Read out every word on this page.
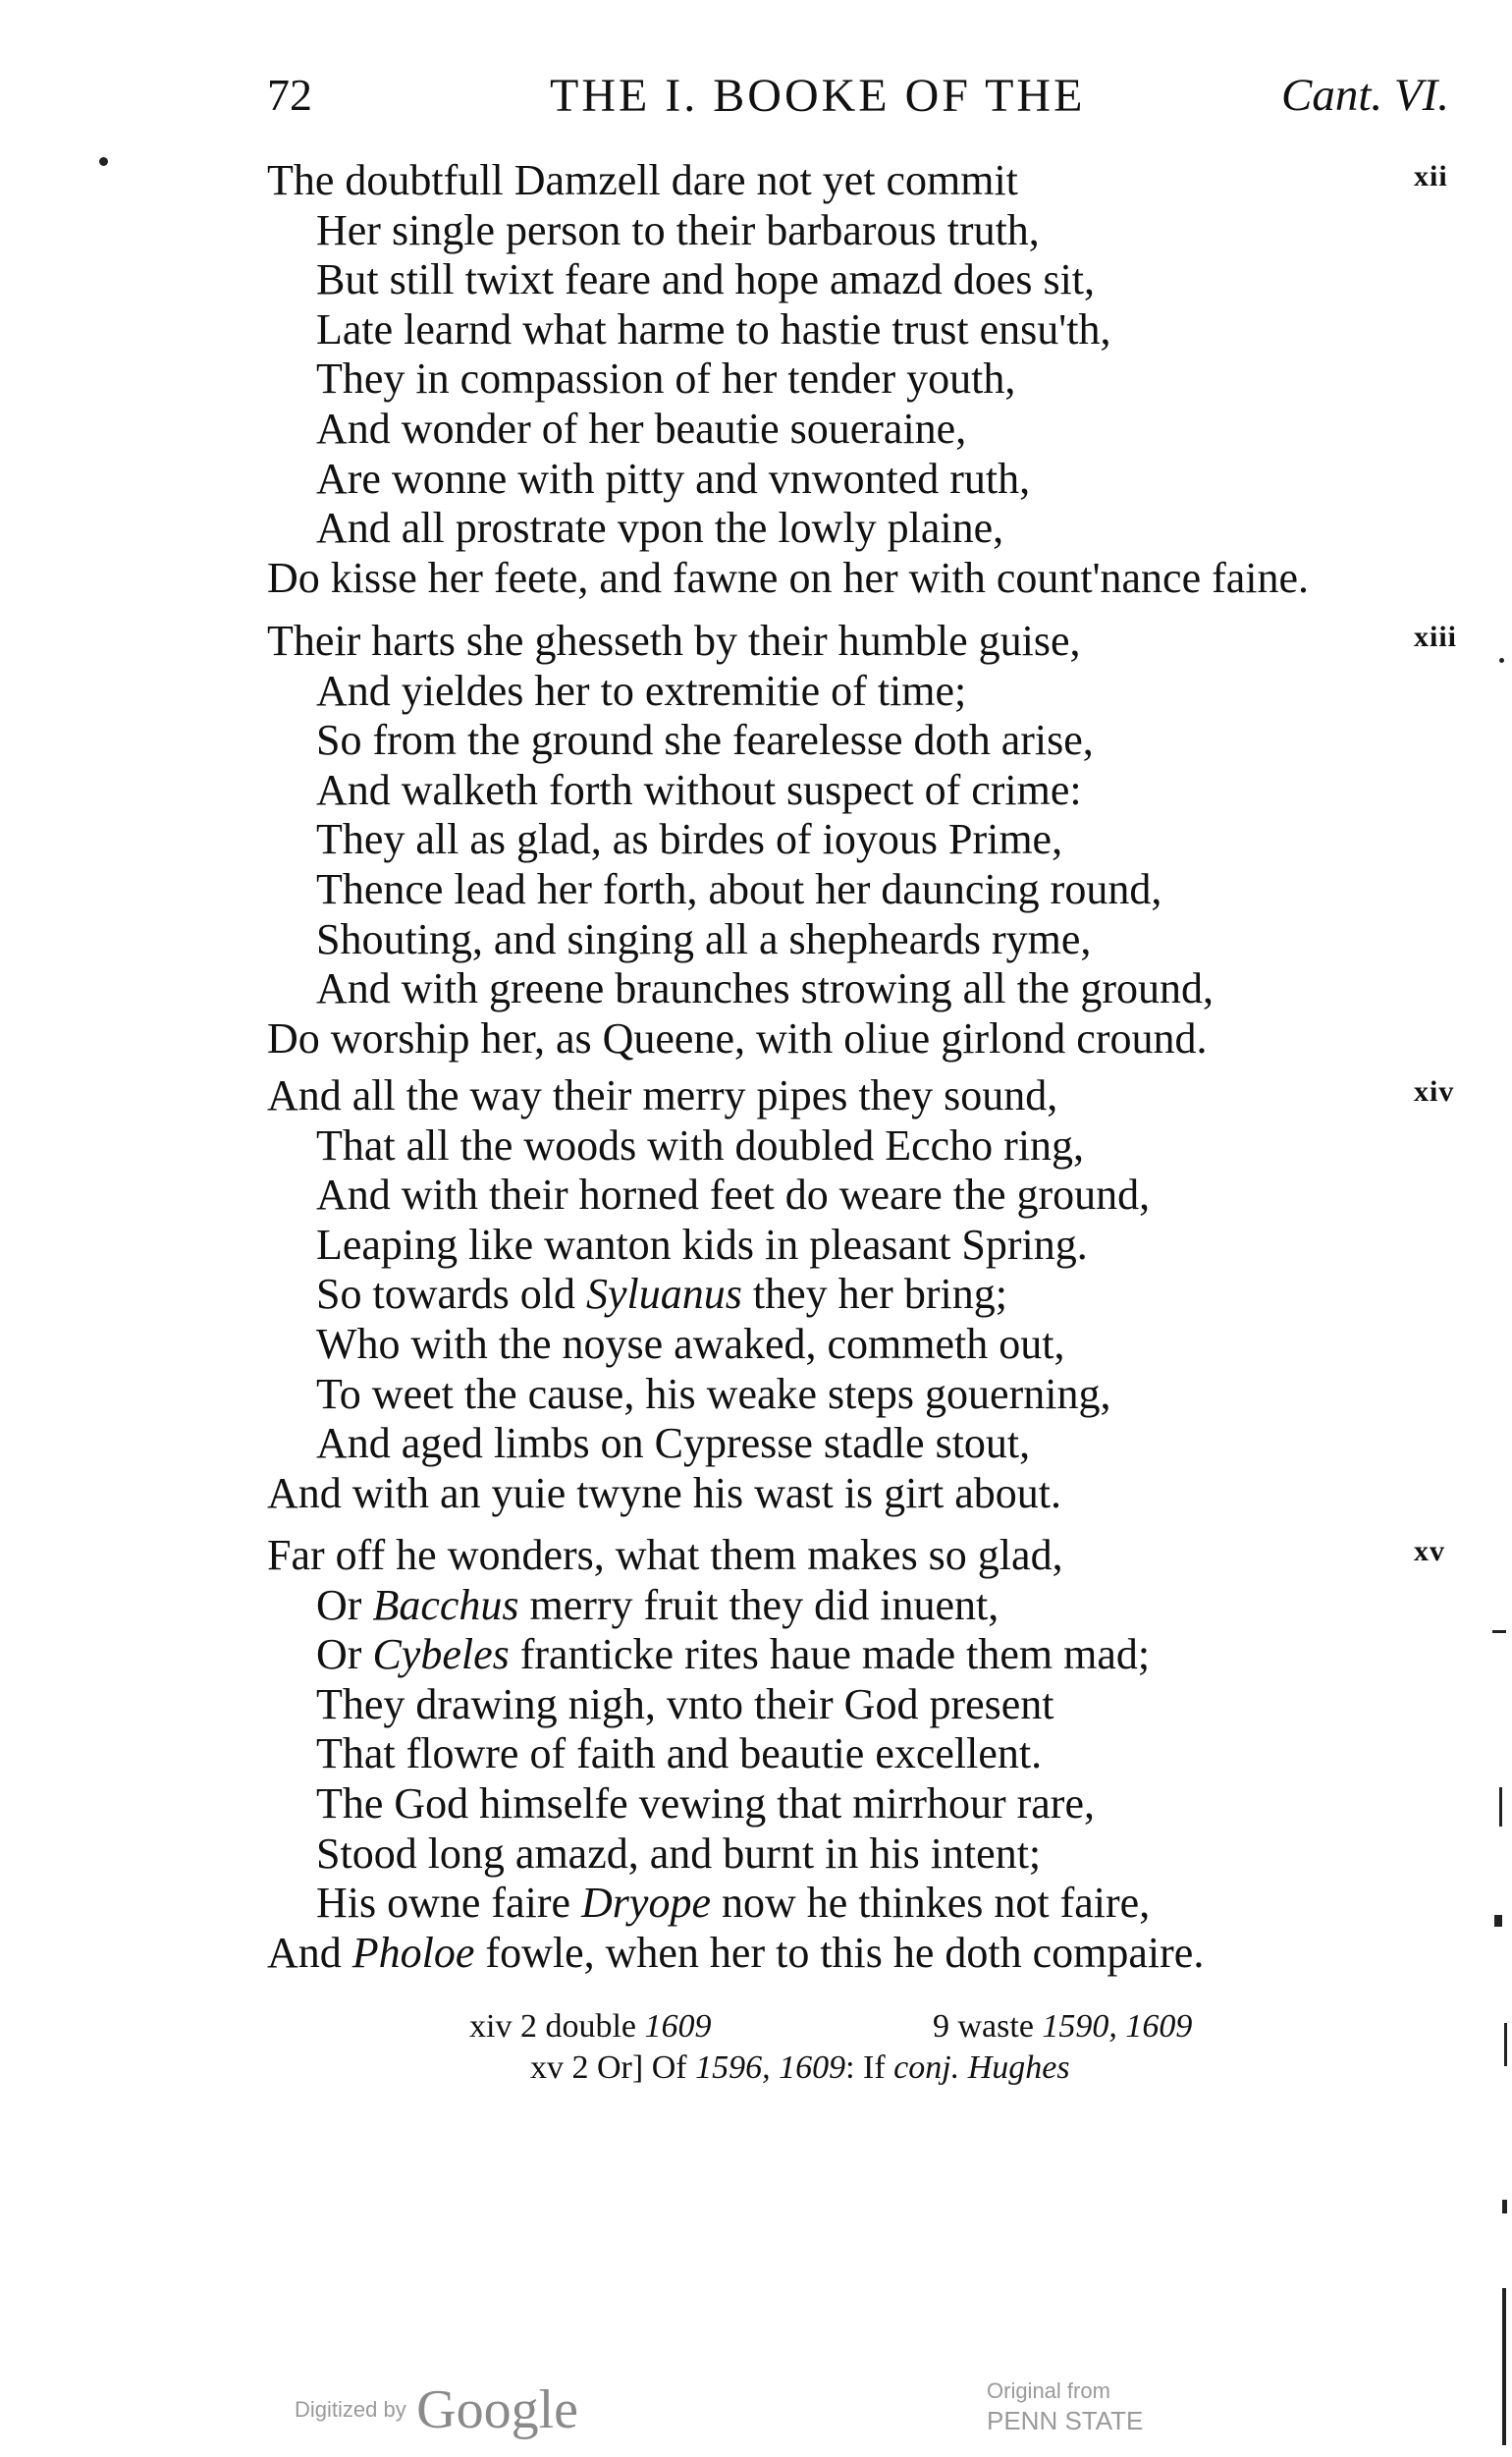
72	THE I. BOOKE OF THE	Cant. VI.
xii
The doubtfull Damzell dare not yet commit
Her single person to their barbarous truth,
But still twixt feare and hope amazd does sit,
Late learnd what harme to hastie trust ensu'th,
They in compassion of her tender youth,
And wonder of her beautie soueraine,
Are wonne with pitty and vnwonted ruth,
And all prostrate vpon the lowly plaine,
Do kisse her feete, and fawne on her with count'nance faine.
xiii
Their harts she ghesseth by their humble guise,
And yieldes her to extremitie of time;
So from the ground she fearelesse doth arise,
And walketh forth without suspect of crime:
They all as glad, as birdes of ioyous Prime,
Thence lead her forth, about her dauncing round,
Shouting, and singing all a shepheards ryme,
And with greene braunches strowing all the ground,
Do worship her, as Queene, with oliue girlond cround.
xiv
And all the way their merry pipes they sound,
That all the woods with doubled Eccho ring,
And with their horned feet do weare the ground,
Leaping like wanton kids in pleasant Spring.
So towards old Syluanus they her bring;
Who with the noyse awaked, commeth out,
To weet the cause, his weake steps gouerning,
And aged limbs on Cypresse stadle stout,
And with an yuie twyne his wast is girt about.
xv
Far off he wonders, what them makes so glad,
Or Bacchus merry fruit they did inuent,
Or Cybeles franticke rites haue made them mad;
They drawing nigh, vnto their God present
That flowre of faith and beautie excellent.
The God himselfe vewing that mirrhour rare,
Stood long amazd, and burnt in his intent;
His owne faire Dryope now he thinkes not faire,
And Pholoe fowle, when her to this he doth compaire.
xiv 2 double 1609	9 waste 1590, 1609
xv 2 Or] Of 1596, 1609: If conj. Hughes
Digitized by Google	Original from
PENN STATE
